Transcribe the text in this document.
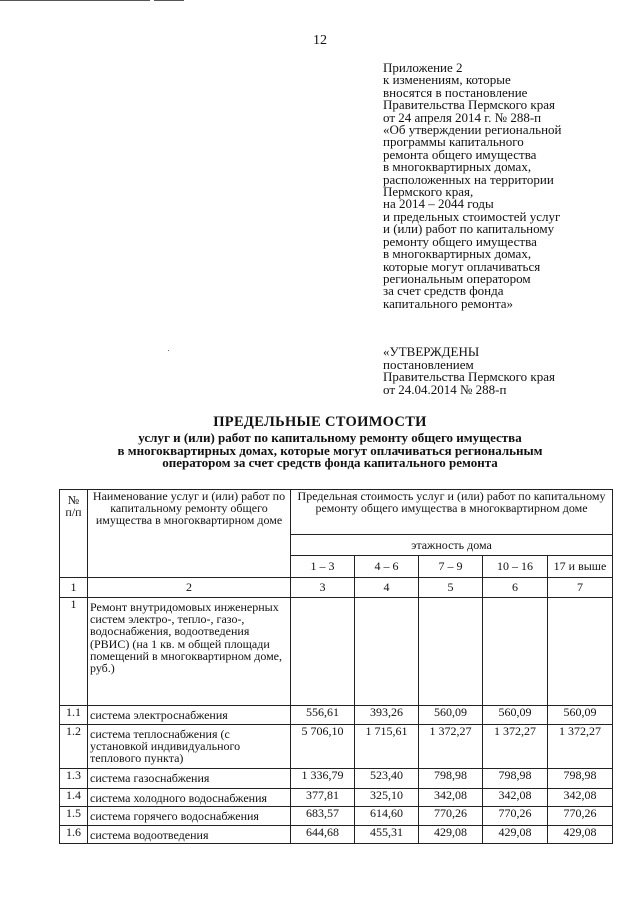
12
Приложение 2
к изменениям, которые
вносятся в постановление
Правительства Пермского края
от 24 апреля 2014 г. № 288-п
«Об утверждении региональной
программы капитального
ремонта общего имущества
в многоквартирных домах,
расположенных на территории
Пермского края,
на 2014 – 2044 годы
и предельных стоимостей услуг
и (или) работ по капитальному
ремонту общего имущества
в многоквартирных домах,
которые могут оплачиваться
региональным оператором
за счет средств фонда
капитального ремонта»
«УТВЕРЖДЕНЫ
постановлением
Правительства Пермского края
от 24.04.2014 № 288-п
ПРЕДЕЛЬНЫЕ СТОИМОСТИ
услуг и (или) работ по капитальному ремонту общего имущества
в многоквартирных домах, которые могут оплачиваться региональным
оператором за счет средств фонда капитального ремонта
№ п/п	Наименование услуг и (или) работ по капитальному ремонту общего имущества в многоквартирном доме	Предельная стоимость услуг и (или) работ по капитальному ремонту общего имущества в многоквартирном доме				
		этажность дома				
		1 – 3	4 – 6	7 – 9	10 – 16	17 и выше
1	2	3	4	5	6	7
1	Ремонт внутридомовых инженерных систем электро-, тепло-, газо-, водоснабжения, водоотведения (РВИС) (на 1 кв. м общей площади помещений в многоквартирном доме, руб.)					
1.1	система электроснабжения	556,61	393,26	560,09	560,09	560,09
1.2	система теплоснабжения (с установкой индивидуального теплового пункта)	5 706,10	1 715,61	1 372,27	1 372,27	1 372,27
1.3	система газоснабжения	1 336,79	523,40	798,98	798,98	798,98
1.4	система холодного водоснабжения	377,81	325,10	342,08	342,08	342,08
1.5	система горячего водоснабжения	683,57	614,60	770,26	770,26	770,26
1.6	система водоотведения	644,68	455,31	429,08	429,08	429,08
